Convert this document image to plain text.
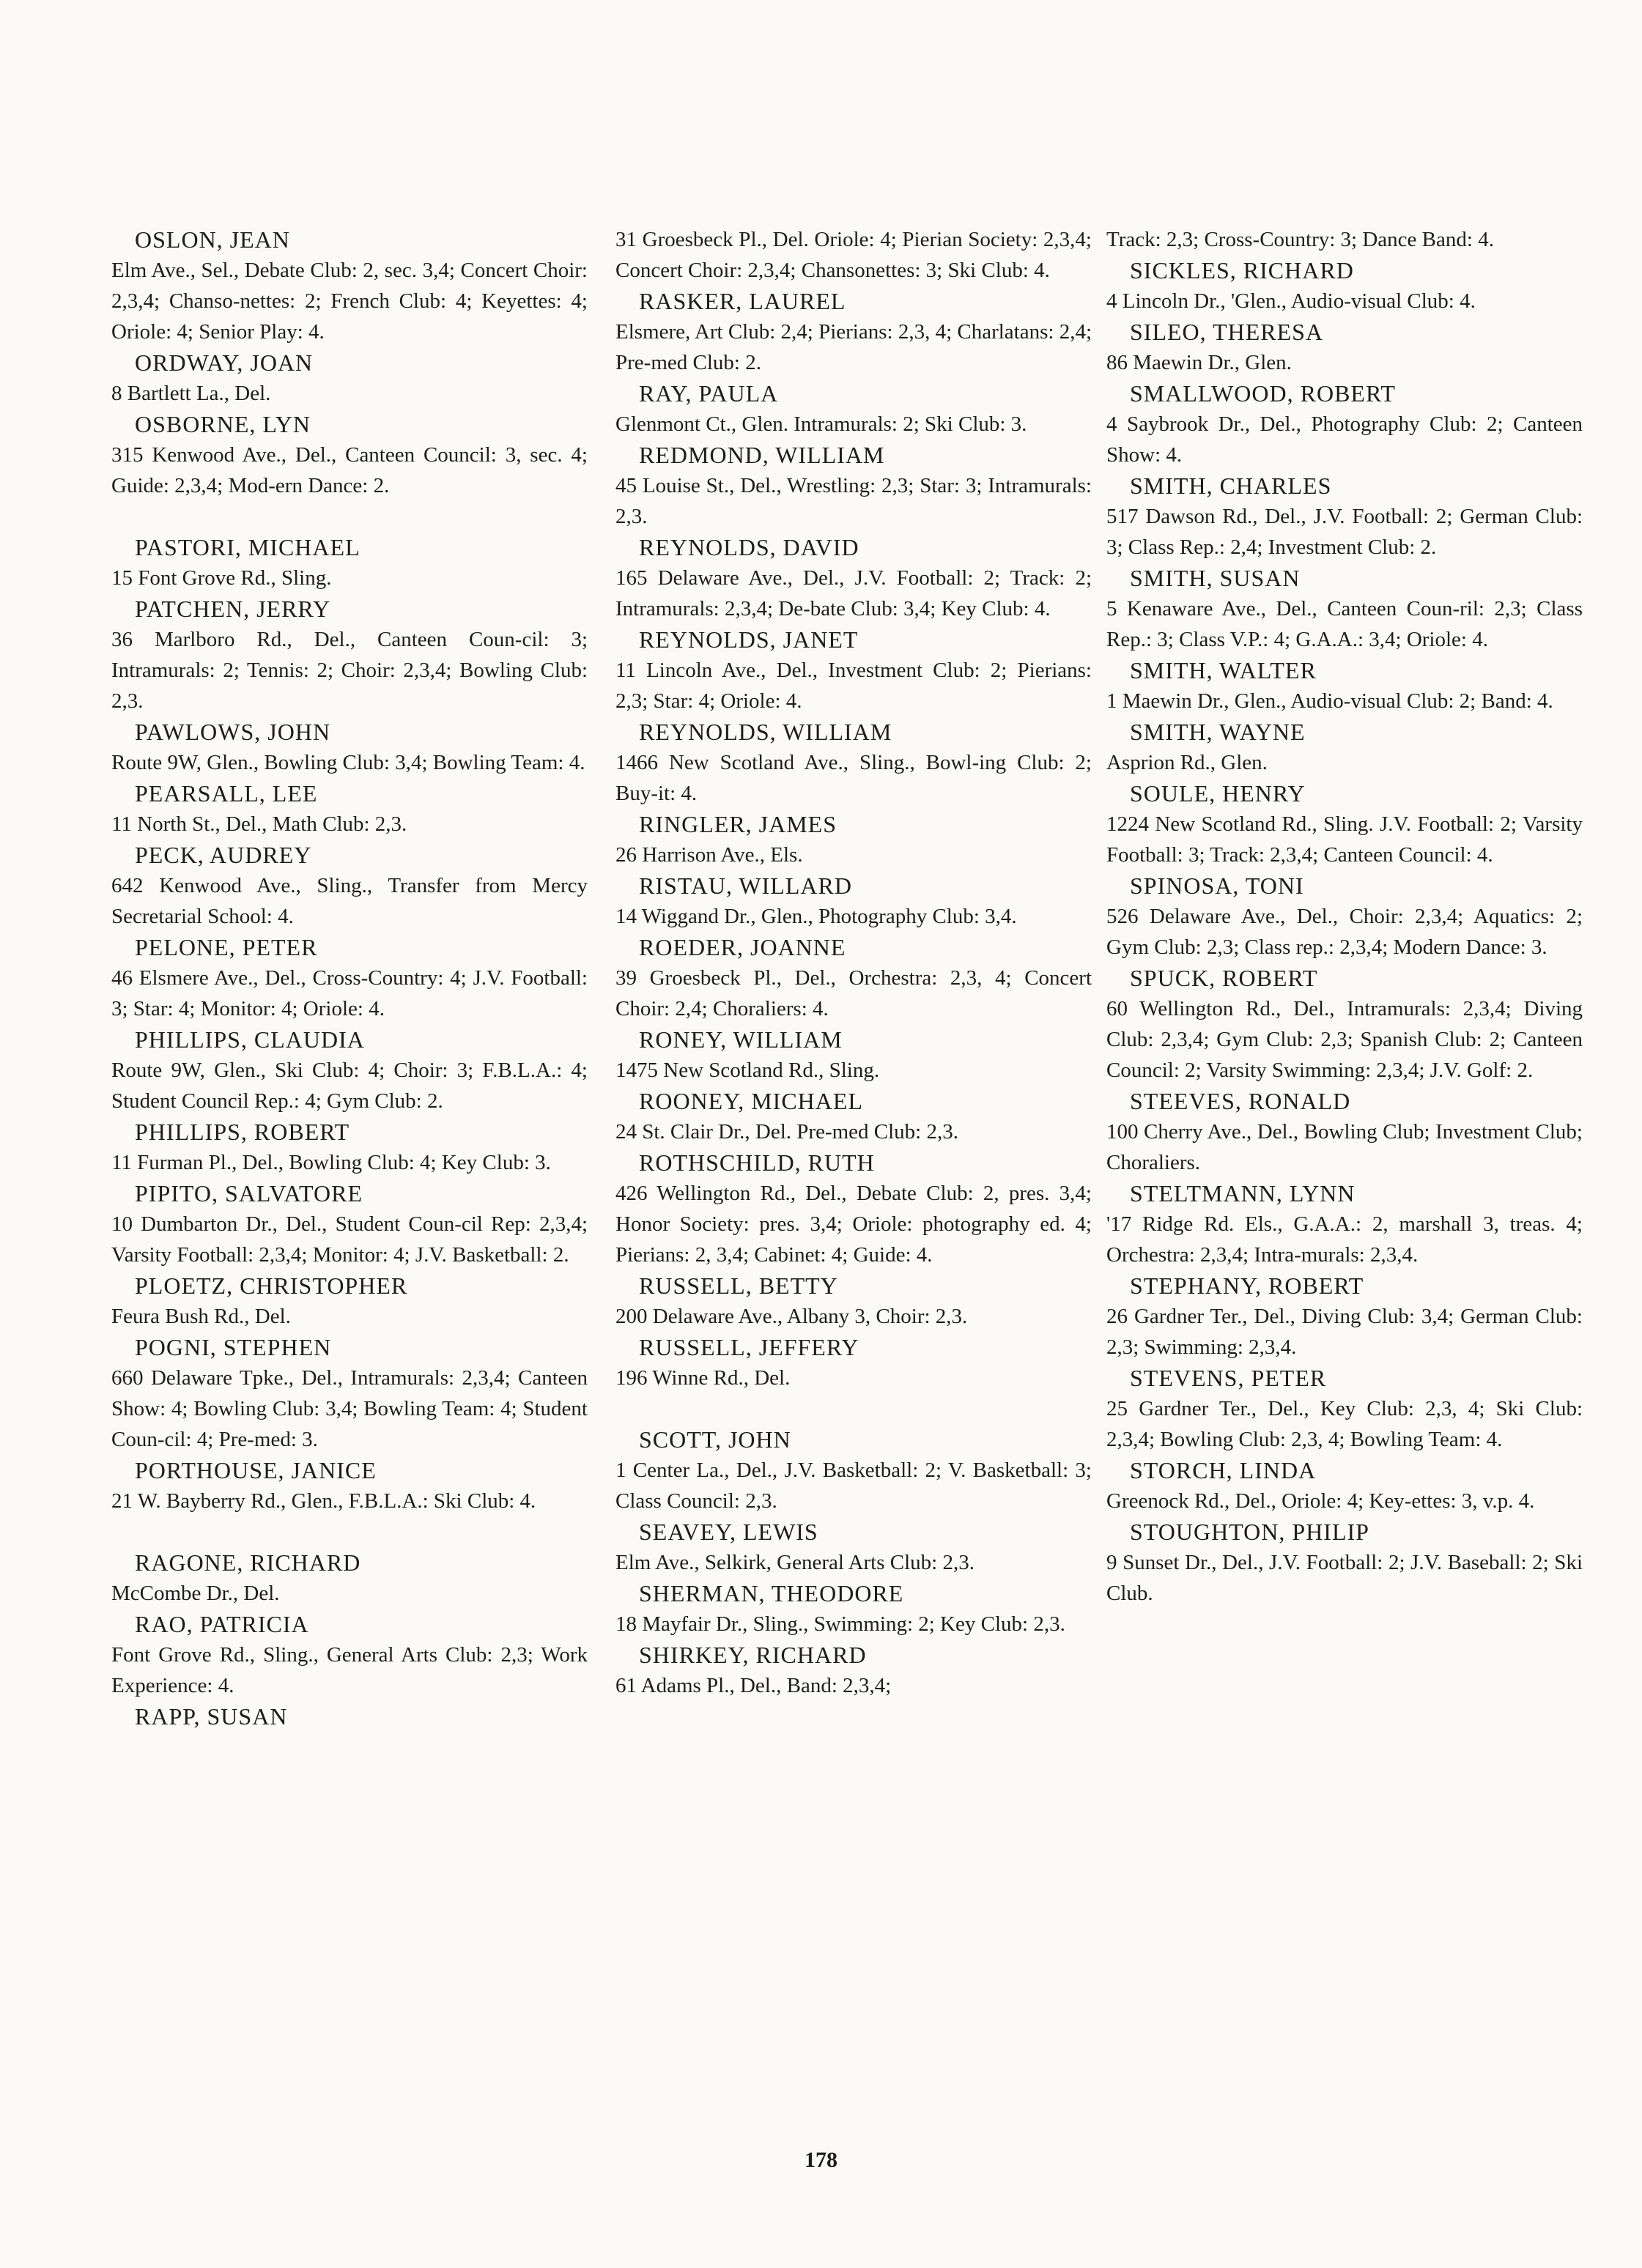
OSLON, JEAN
Elm Ave., Sel., Debate Club: 2, sec. 3,4; Concert Choir: 2,3,4; Chanso-nettes: 2; French Club: 4; Keyettes: 4; Oriole: 4; Senior Play: 4.
ORDWAY, JOAN
8 Bartlett La., Del.
OSBORNE, LYN
315 Kenwood Ave., Del., Canteen Council: 3, sec. 4; Guide: 2,3,4; Mod-ern Dance: 2.
PASTORI, MICHAEL
15 Font Grove Rd., Sling.
PATCHEN, JERRY
36 Marlboro Rd., Del., Canteen Coun-cil: 3; Intramurals: 2; Tennis: 2; Choir: 2,3,4; Bowling Club: 2,3.
PAWLOWS, JOHN
Route 9W, Glen., Bowling Club: 3,4; Bowling Team: 4.
PEARSALL, LEE
11 North St., Del., Math Club: 2,3.
PECK, AUDREY
642 Kenwood Ave., Sling., Transfer from Mercy Secretarial School: 4.
PELONE, PETER
46 Elsmere Ave., Del., Cross-Country: 4; J.V. Football: 3; Star: 4; Monitor: 4; Oriole: 4.
PHILLIPS, CLAUDIA
Route 9W, Glen., Ski Club: 4; Choir: 3; F.B.L.A.: 4; Student Council Rep.: 4; Gym Club: 2.
PHILLIPS, ROBERT
11 Furman Pl., Del., Bowling Club: 4; Key Club: 3.
PIPITO, SALVATORE
10 Dumbarton Dr., Del., Student Coun-cil Rep: 2,3,4; Varsity Football: 2,3,4; Monitor: 4; J.V. Basketball: 2.
PLOETZ, CHRISTOPHER
Feura Bush Rd., Del.
POGNI, STEPHEN
660 Delaware Tpke., Del., Intramurals: 2,3,4; Canteen Show: 4; Bowling Club: 3,4; Bowling Team: 4; Student Coun-cil: 4; Pre-med: 3.
PORTHOUSE, JANICE
21 W. Bayberry Rd., Glen., F.B.L.A.: Ski Club: 4.
RAGONE, RICHARD
McCombe Dr., Del.
RAO, PATRICIA
Font Grove Rd., Sling., General Arts Club: 2,3; Work Experience: 4.
RAPP, SUSAN
31 Groesbeck Pl., Del. Oriole: 4; Pierian Society: 2,3,4; Concert Choir: 2,3,4; Chansonettes: 3; Ski Club: 4.
RASKER, LAUREL
Elsmere, Art Club: 2,4; Pierians: 2,3, 4; Charlatans: 2,4; Pre-med Club: 2.
RAY, PAULA
Glenmont Ct., Glen. Intramurals: 2; Ski Club: 3.
REDMOND, WILLIAM
45 Louise St., Del., Wrestling: 2,3; Star: 3; Intramurals: 2,3.
REYNOLDS, DAVID
165 Delaware Ave., Del., J.V. Football: 2; Track: 2; Intramurals: 2,3,4; De-bate Club: 3,4; Key Club: 4.
REYNOLDS, JANET
11 Lincoln Ave., Del., Investment Club: 2; Pierians: 2,3; Star: 4; Oriole: 4.
REYNOLDS, WILLIAM
1466 New Scotland Ave., Sling., Bowl-ing Club: 2; Buy-it: 4.
RINGLER, JAMES
26 Harrison Ave., Els.
RISTAU, WILLARD
14 Wiggand Dr., Glen., Photography Club: 3,4.
ROEDER, JOANNE
39 Groesbeck Pl., Del., Orchestra: 2,3, 4; Concert Choir: 2,4; Choraliers: 4.
RONEY, WILLIAM
1475 New Scotland Rd., Sling.
ROONEY, MICHAEL
24 St. Clair Dr., Del. Pre-med Club: 2,3.
ROTHSCHILD, RUTH
426 Wellington Rd., Del., Debate Club: 2, pres. 3,4; Honor Society: pres. 3,4; Oriole: photography ed. 4; Pierians: 2, 3,4; Cabinet: 4; Guide: 4.
RUSSELL, BETTY
200 Delaware Ave., Albany 3, Choir: 2,3.
RUSSELL, JEFFERY
196 Winne Rd., Del.
SCOTT, JOHN
1 Center La., Del., J.V. Basketball: 2; V. Basketball: 3; Class Council: 2,3.
SEAVEY, LEWIS
Elm Ave., Selkirk, General Arts Club: 2,3.
SHERMAN, THEODORE
18 Mayfair Dr., Sling., Swimming: 2; Key Club: 2,3.
SHIRKEY, RICHARD
61 Adams Pl., Del., Band: 2,3,4;
Track: 2,3; Cross-Country: 3; Dance Band: 4.
SICKLES, RICHARD
4 Lincoln Dr., 'Glen., Audio-visual Club: 4.
SILEO, THERESA
86 Maewin Dr., Glen.
SMALLWOOD, ROBERT
4 Saybrook Dr., Del., Photography Club: 2; Canteen Show: 4.
SMITH, CHARLES
517 Dawson Rd., Del., J.V. Football: 2; German Club: 3; Class Rep.: 2,4; Investment Club: 2.
SMITH, SUSAN
5 Kenaware Ave., Del., Canteen Coun-ril: 2,3; Class Rep.: 3; Class V.P.: 4; G.A.A.: 3,4; Oriole: 4.
SMITH, WALTER
1 Maewin Dr., Glen., Audio-visual Club: 2; Band: 4.
SMITH, WAYNE
Asprion Rd., Glen.
SOULE, HENRY
1224 New Scotland Rd., Sling. J.V. Football: 2; Varsity Football: 3; Track: 2,3,4; Canteen Council: 4.
SPINOSA, TONI
526 Delaware Ave., Del., Choir: 2,3,4; Aquatics: 2; Gym Club: 2,3; Class rep.: 2,3,4; Modern Dance: 3.
SPUCK, ROBERT
60 Wellington Rd., Del., Intramurals: 2,3,4; Diving Club: 2,3,4; Gym Club: 2,3; Spanish Club: 2; Canteen Council: 2; Varsity Swimming: 2,3,4; J.V. Golf: 2.
STEEVES, RONALD
100 Cherry Ave., Del., Bowling Club; Investment Club; Choraliers.
STELTMANN, LYNN
'17 Ridge Rd. Els., G.A.A.: 2, marshall 3, treas. 4; Orchestra: 2,3,4; Intra-murals: 2,3,4.
STEPHANY, ROBERT
26 Gardner Ter., Del., Diving Club: 3,4; German Club: 2,3; Swimming: 2,3,4.
STEVENS, PETER
25 Gardner Ter., Del., Key Club: 2,3, 4; Ski Club: 2,3,4; Bowling Club: 2,3, 4; Bowling Team: 4.
STORCH, LINDA
Greenock Rd., Del., Oriole: 4; Key-ettes: 3, v.p. 4.
STOUGHTON, PHILIP
9 Sunset Dr., Del., J.V. Football: 2; J.V. Baseball: 2; Ski Club.
178
